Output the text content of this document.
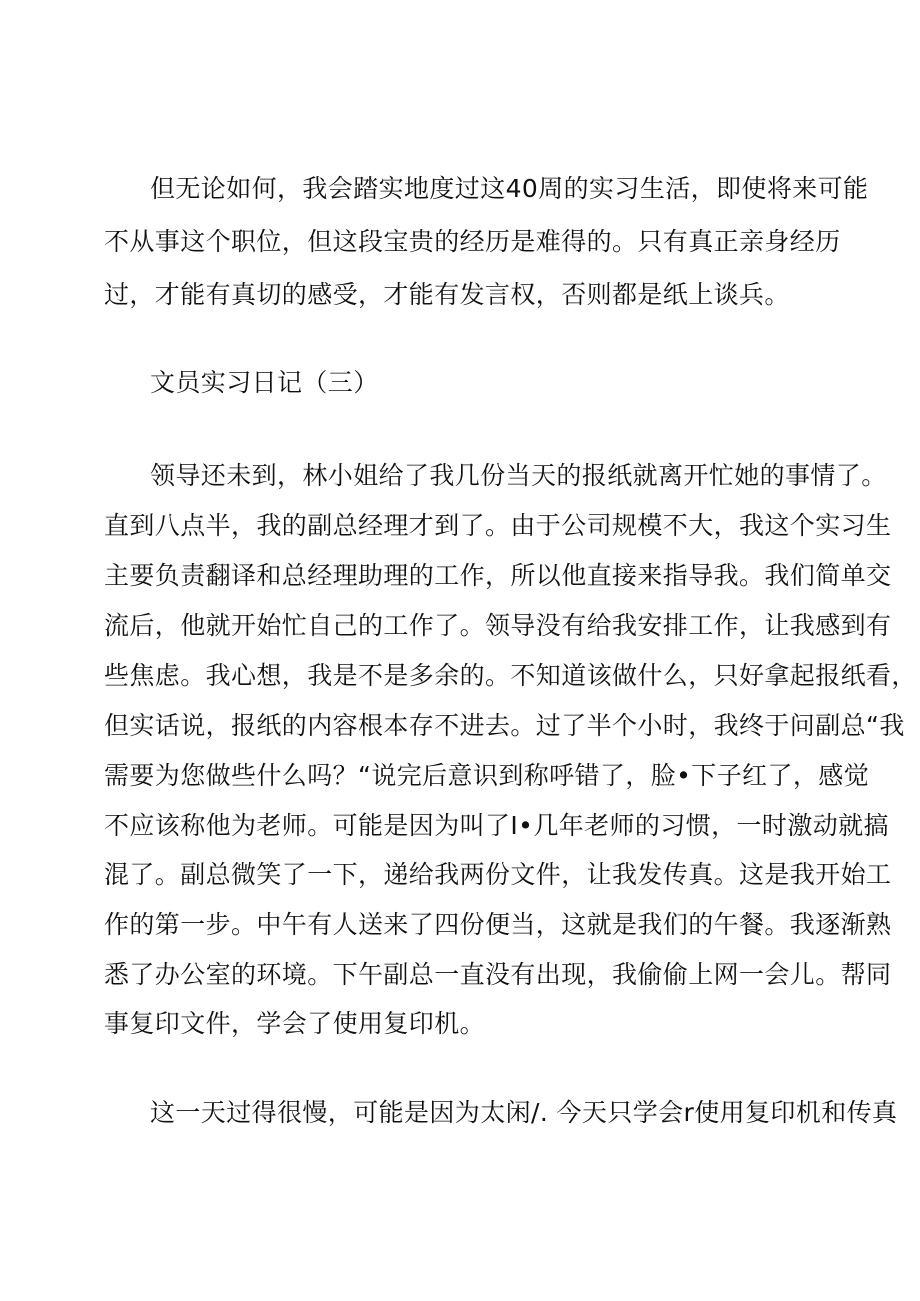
但无论如何，我会踏实地度过这40周的实习生活，即使将来可能

不从事这个职位，但这段宝贵的经历是难得的。只有真正亲身经历

过，才能有真切的感受，才能有发言权，否则都是纸上谈兵。

文员实习日记（三）

领导还未到，林小姐给了我几份当天的报纸就离开忙她的事情了。

直到八点半，我的副总经理才到了。由于公司规模不大，我这个实习生

主要负责翻译和总经理助理的工作，所以他直接来指导我。我们简单交

流后，他就开始忙自己的工作了。领导没有给我安排工作，让我感到有

些焦虑。我心想，我是不是多余的。不知道该做什么，只好拿起报纸看，

但实话说，报纸的内容根本存不进去。过了半个小时，我终于问副总“我

需要为您做些什么吗？“说完后意识到称呼错了，脸•下子红了，感觉

不应该称他为老师。可能是因为叫了I•几年老师的习惯，一时激动就搞

混了。副总微笑了一下，递给我两份文件，让我发传真。这是我开始工

作的第一步。中午有人送来了四份便当，这就是我们的午餐。我逐渐熟

悉了办公室的环境。下午副总一直没有出现，我偷偷上网一会儿。帮同

事复印文件，学会了使用复印机。

这一天过得很慢，可能是因为太闲/. 今天只学会r使用复印机和传真
